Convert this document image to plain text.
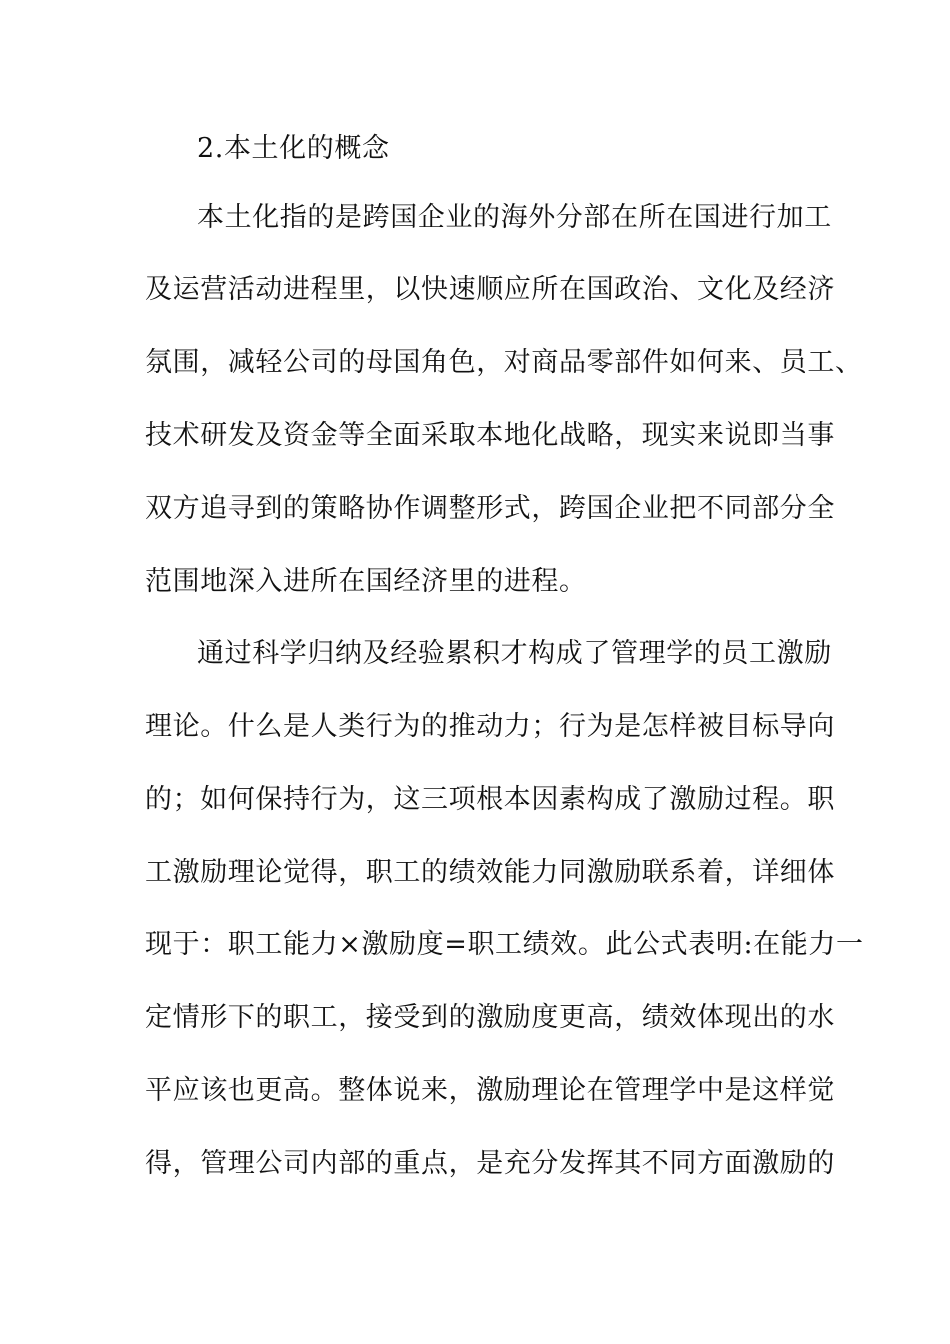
2.本土化的概念
本土化指的是跨国企业的海外分部在所在国进行加工
及运营活动进程里，以快速顺应所在国政治、文化及经济
氛围，减轻公司的母国角色，对商品零部件如何来、员工、
技术研发及资金等全面采取本地化战略，现实来说即当事
双方追寻到的策略协作调整形式，跨国企业把不同部分全
范围地深入进所在国经济里的进程。
通过科学归纳及经验累积才构成了管理学的员工激励
理论。什么是人类行为的推动力；行为是怎样被目标导向
的；如何保持行为，这三项根本因素构成了激励过程。职
工激励理论觉得，职工的绩效能力同激励联系着，详细体
现于：职工能力×激励度=职工绩效。此公式表明:在能力一
定情形下的职工，接受到的激励度更高，绩效体现出的水
平应该也更高。整体说来，激励理论在管理学中是这样觉
得，管理公司内部的重点，是充分发挥其不同方面激励的
